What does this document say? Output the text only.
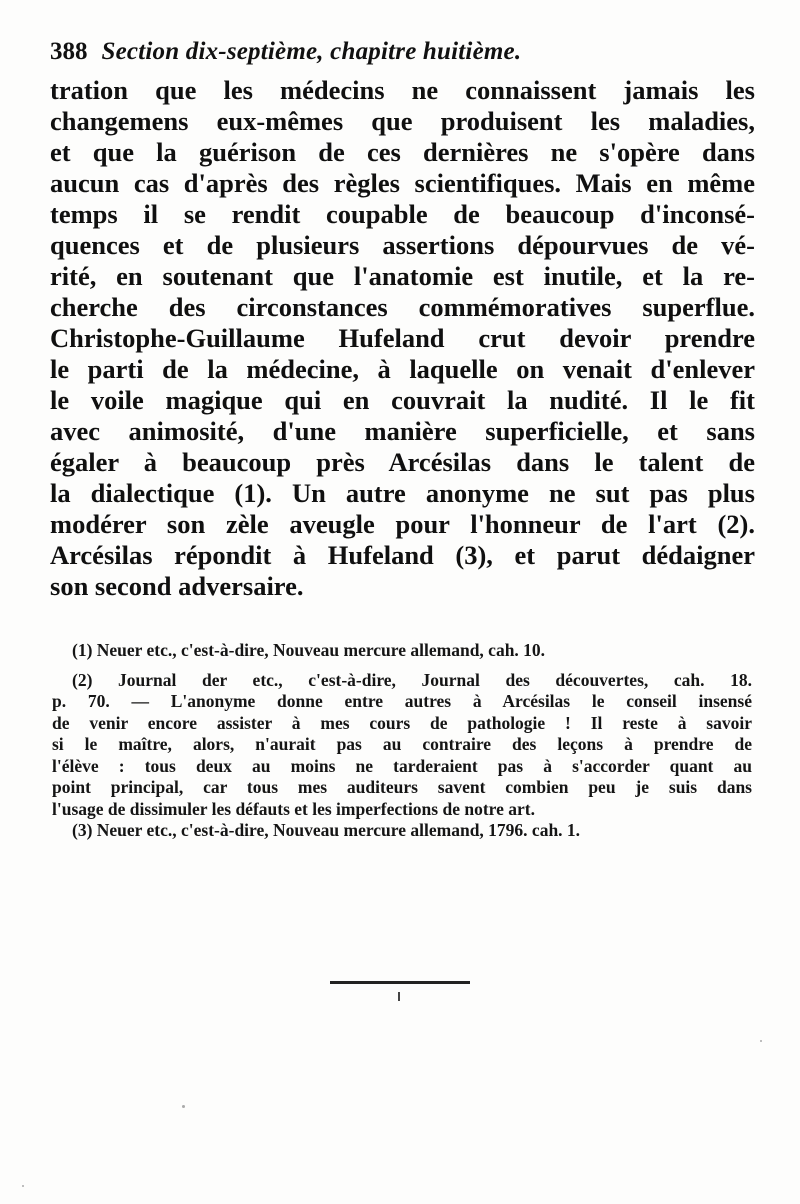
388 Section dix-septième, chapitre huitième.
tration que les médecins ne connaissent jamais les
changemens eux-mêmes que produisent les maladies,
et que la guérison de ces dernières ne s'opère dans
aucun cas d'après des règles scientifiques. Mais en même
temps il se rendit coupable de beaucoup d'inconsé-
quences et de plusieurs assertions dépourvues de vé-
rité, en soutenant que l'anatomie est inutile, et la re-
cherche des circonstances commémoratives superflue.
Christophe-Guillaume Hufeland crut devoir prendre
le parti de la médecine, à laquelle on venait d'enlever
le voile magique qui en couvrait la nudité. Il le fit
avec animosité, d'une manière superficielle, et sans
égaler à beaucoup près Arcésilas dans le talent de
la dialectique (1). Un autre anonyme ne sut pas plus
modérer son zèle aveugle pour l'honneur de l'art (2).
Arcésilas répondit à Hufeland (3), et parut dédaigner
son second adversaire.
(1) Neuer etc., c'est-à-dire, Nouveau mercure allemand, cah. 10.
(2) Journal der etc., c'est-à-dire, Journal des découvertes, cah. 18.
p. 70. — L'anonyme donne entre autres à Arcésilas le conseil insensé
de venir encore assister à mes cours de pathologie ! Il reste à savoir
si le maître, alors, n'aurait pas au contraire des leçons à prendre de
l'élève : tous deux au moins ne tarderaient pas à s'accorder quant au
point principal, car tous mes auditeurs savent combien peu je suis dans
l'usage de dissimuler les défauts et les imperfections de notre art.
(3) Neuer etc., c'est-à-dire, Nouveau mercure allemand, 1796. cah. 1.
